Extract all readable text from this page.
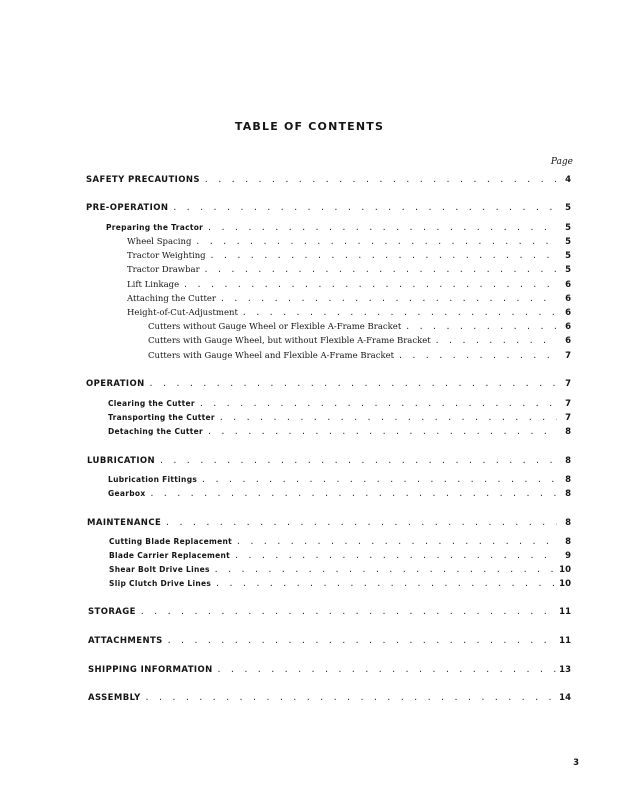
TABLE OF CONTENTS
Page
SAFETY PRECAUTIONS . . .	4
PRE-OPERATION . . .	5
Preparing the Tractor . . .	5
Wheel Spacing . . .	5
Tractor Weighting . . .	5
Tractor Drawbar . . .	5
Lift Linkage . . .	6
Attaching the Cutter . . .	6
Height-of-Cut-Adjustment . . .	6
Cutters without Gauge Wheel or Flexible A-Frame Bracket . . .	6
Cutters with Gauge Wheel, but without Flexible A-Frame Bracket . . .	6
Cutters with Gauge Wheel and Flexible A-Frame Bracket . . .	7
OPERATION . . .	7
Clearing the Cutter . . .	7
Transporting the Cutter . . .	7
Detaching the Cutter . . .	8
LUBRICATION . . .	8
Lubrication Fittings . . .	8
Gearbox . . .	8
MAINTENANCE . . .	8
Cutting Blade Replacement . . .	8
Blade Carrier Replacement . . .	9
Shear Bolt Drive Lines . . .	10
Slip Clutch Drive Lines . . .	10
STORAGE . . .	11
ATTACHMENTS . . .	11
SHIPPING INFORMATION . . .	13
ASSEMBLY . . .	14
3
